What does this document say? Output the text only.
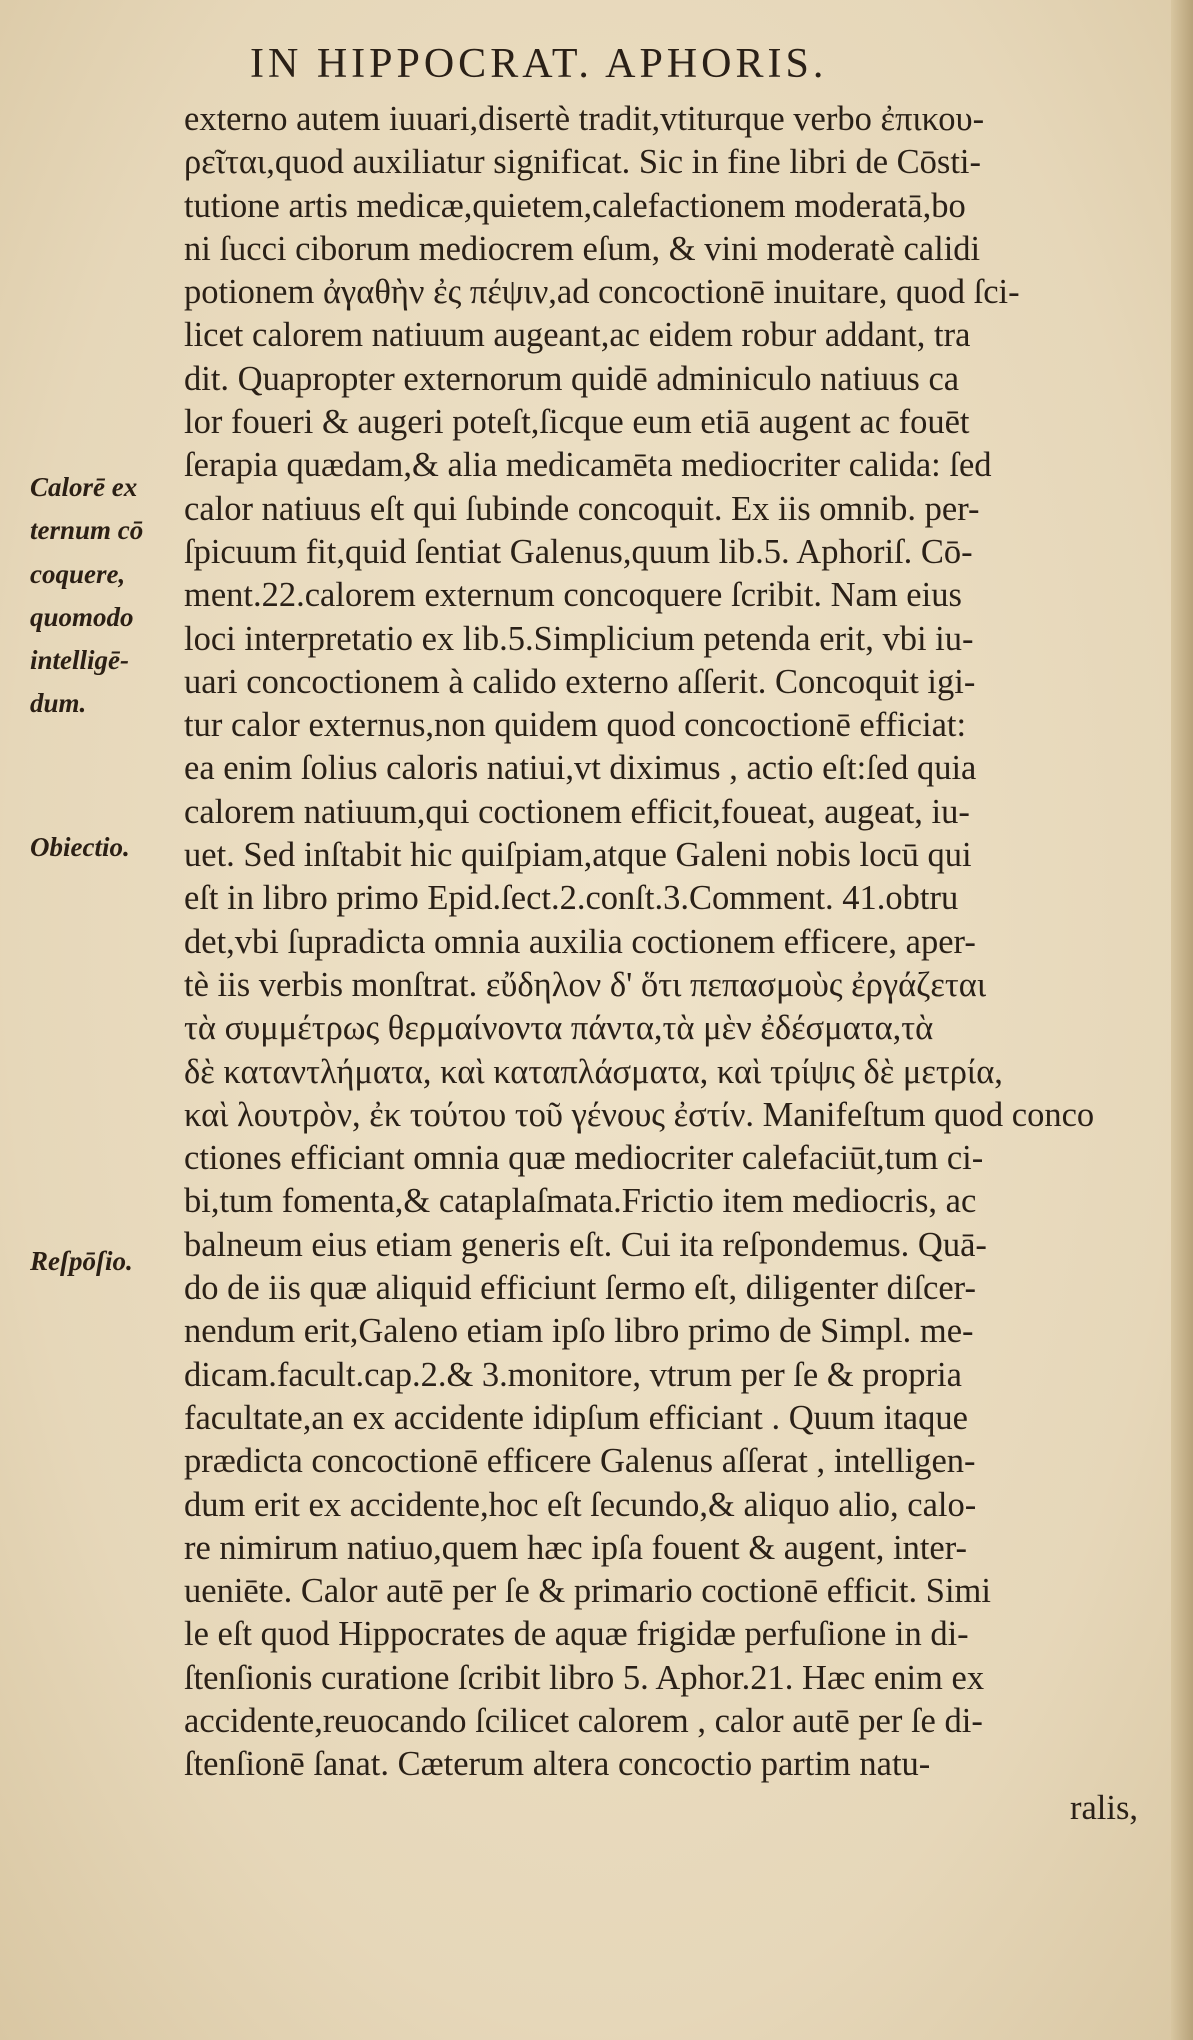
IN HIPPOCRAT. APHORIS.
Calorē ex
ternum cō
coquere,
quomodo
intelligē-
dum.
Obiectio.
Reſpōſio.
externo autem iuuari,disertè tradit,vtiturque verbo ἐπικου-
ρεῖται,quod auxiliatur significat. Sic in fine libri de Cōsti-
tutione artis medicæ,quietem,calefactionem moderatā,bo
ni ſucci ciborum mediocrem eſum, & vini moderatè calidi
potionem ἀγαθὴν ἐς πέψιν,ad concoctionē inuitare, quod ſci-
licet calorem natiuum augeant,ac eidem robur addant, tra
dit. Quapropter externorum quidē adminiculo natiuus ca
lor foueri & augeri poteſt,ſicque eum etiā augent ac fouēt
ſerapia quædam,& alia medicamēta mediocriter calida: ſed
calor natiuus eſt qui ſubinde concoquit. Ex iis omnib. per-
ſpicuum fit,quid ſentiat Galenus,quum lib.5. Aphoriſ. Cō-
ment.22.calorem externum concoquere ſcribit. Nam eius
loci interpretatio ex lib.5.Simplicium petenda erit, vbi iu-
uari concoctionem à calido externo aſſerit. Concoquit igi-
tur calor externus,non quidem quod concoctionē efficiat:
ea enim ſolius caloris natiui,vt diximus , actio eſt:ſed quia
calorem natiuum,qui coctionem efficit,foueat, augeat, iu-
uet. Sed inſtabit hic quiſpiam,atque Galeni nobis locū qui
eſt in libro primo Epid.ſect.2.conſt.3.Comment. 41.obtru
det,vbi ſupradicta omnia auxilia coctionem efficere, aper-
tè iis verbis monſtrat. εὔδηλον δ' ὅτι πεπασμοὺς ἐργάζεται
τὰ συμμέτρως θερμαίνοντα πάντα,τὰ μὲν ἐδέσματα,τὰ
δὲ καταντλήματα, καὶ καταπλάσματα, καὶ τρίψις δὲ μετρία,
καὶ λουτρὸν, ἐκ τούτου τοῦ γένους ἐστίν. Manifeſtum quod conco
ctiones efficiant omnia quæ mediocriter calefaciūt,tum ci-
bi,tum fomenta,& cataplaſmata.Frictio item mediocris, ac
balneum eius etiam generis eſt. Cui ita reſpondemus. Quā-
do de iis quæ aliquid efficiunt ſermo eſt, diligenter diſcer-
nendum erit,Galeno etiam ipſo libro primo de Simpl. me-
dicam.facult.cap.2.& 3.monitore, vtrum per ſe & propria
facultate,an ex accidente idipſum efficiant . Quum itaque
prædicta concoctionē efficere Galenus aſſerat , intelligen-
dum erit ex accidente,hoc eſt ſecundo,& aliquo alio, calo-
re nimirum natiuo,quem hæc ipſa fouent & augent, inter-
ueniēte. Calor autē per ſe & primario coctionē efficit. Simi
le eſt quod Hippocrates de aquæ frigidæ perfuſione in di-
ſtenſionis curatione ſcribit libro 5. Aphor.21. Hæc enim ex
accidente,reuocando ſcilicet calorem , calor autē per ſe di-
ſtenſionē ſanat. Cæterum altera concoctio partim natu-
ralis,
